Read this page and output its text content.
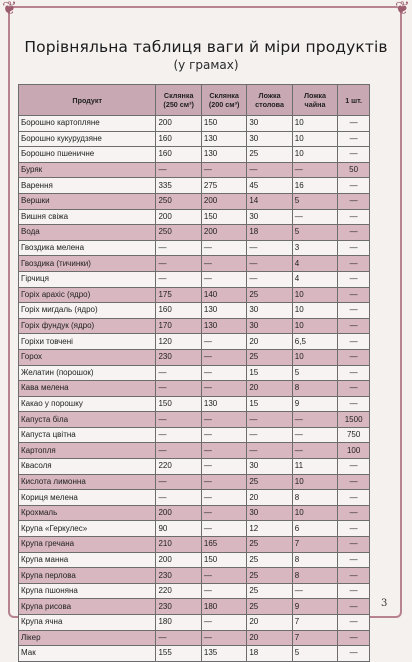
❦	❦
Порівняльна таблиця ваги й міри продуктів
(у грамах)
Продукт	Склянка (250 см³)	Склянка (200 см³)	Ложка столова	Ложка чайна	1 шт.
Борошно картопляне	200	150	30	10	—
Борошно кукурудзяне	160	130	30	10	—
Борошно пшеничне	160	130	25	10	—
Буряк	—	—	—	—	50
Варення	335	275	45	16	—
Вершки	250	200	14	5	—
Вишня свіжа	200	150	30	—	—
Вода	250	200	18	5	—
Гвоздика мелена	—	—	—	3	—
Гвоздика (тичинки)	—	—	—	4	—
Гірчиця	—	—	—	4	—
Горіх арахіс (ядро)	175	140	25	10	—
Горіх мигдаль (ядро)	160	130	30	10	—
Горіх фундук (ядро)	170	130	30	10	—
Горіхи товчені	120	—	20	6,5	—
Горох	230	—	25	10	—
Желатин (порошок)	—	—	15	5	—
Кава мелена	—	—	20	8	—
Какао у порошку	150	130	15	9	—
Капуста біла	—	—	—	—	1500
Капуста цвітна	—	—	—	—	750
Картопля	—	—	—	—	100
Квасоля	220	—	30	11	—
Кислота лимонна	—	—	25	10	—
Кориця мелена	—	—	20	8	—
Крохмаль	200	—	30	10	—
Крупа «Геркулес»	90	—	12	6	—
Крупа гречана	210	165	25	7	—
Крупа манна	200	150	25	8	—
Крупа перлова	230	—	25	8	—
Крупа пшоняна	220	—	25	—	—
Крупа рисова	230	180	25	9	—
Крупа ячна	180	—	20	7	—
Лікер	—	—	20	7	—
Мак	155	135	18	5	—
3
